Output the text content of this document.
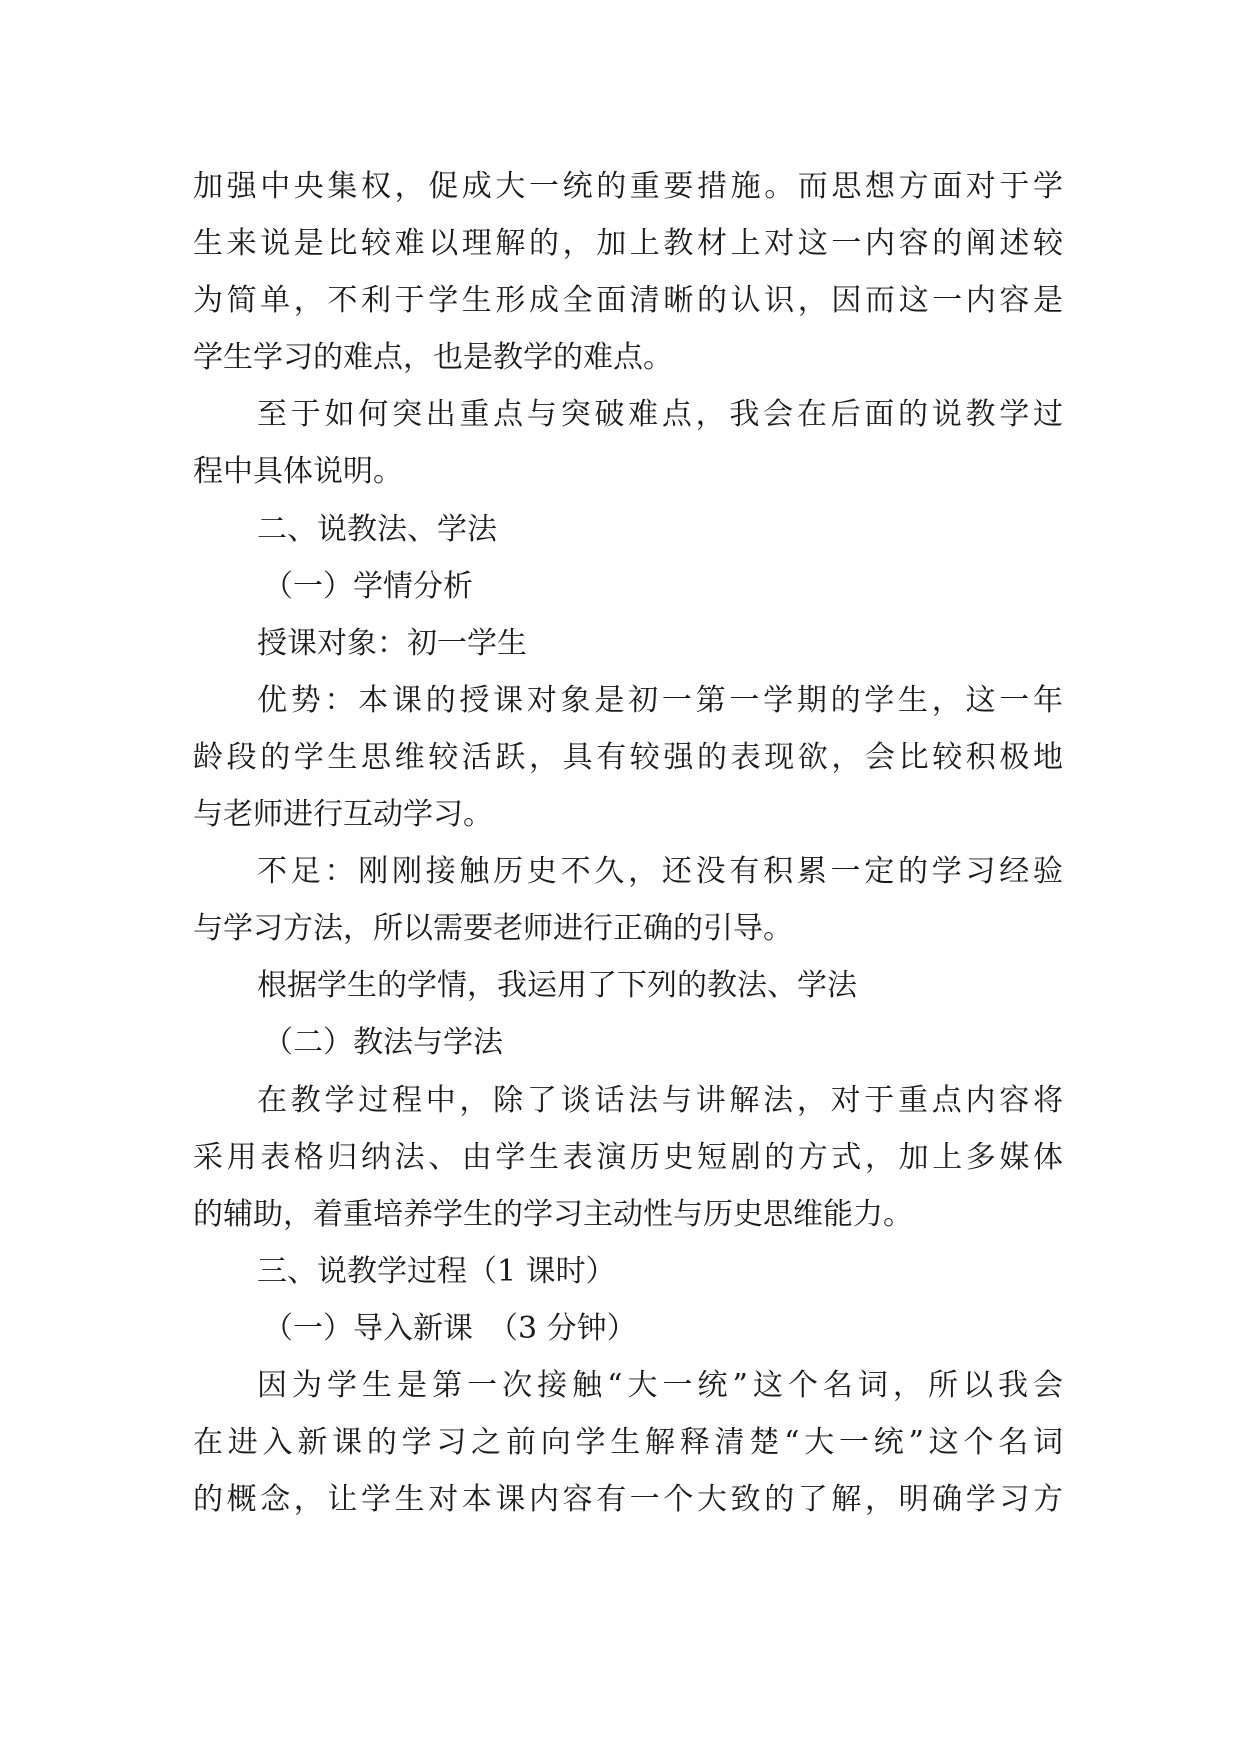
加强中央集权，促成大一统的重要措施。而思想方面对于学
生来说是比较难以理解的，加上教材上对这一内容的阐述较
为简单，不利于学生形成全面清晰的认识，因而这一内容是
学生学习的难点，也是教学的难点。
至于如何突出重点与突破难点，我会在后面的说教学过
程中具体说明。
二、说教法、学法
（一）学情分析
授课对象：初一学生
优势：本课的授课对象是初一第一学期的学生，这一年
龄段的学生思维较活跃，具有较强的表现欲，会比较积极地
与老师进行互动学习。
不足：刚刚接触历史不久，还没有积累一定的学习经验
与学习方法，所以需要老师进行正确的引导。
根据学生的学情，我运用了下列的教法、学法
（二）教法与学法
在教学过程中，除了谈话法与讲解法，对于重点内容将
采用表格归纳法、由学生表演历史短剧的方式，加上多媒体
的辅助，着重培养学生的学习主动性与历史思维能力。
三、说教学过程（1 课时）
（一）导入新课　（3 分钟）
因为学生是第一次接触“大一统”这个名词，所以我会
在进入新课的学习之前向学生解释清楚“大一统”这个名词
的概念，让学生对本课内容有一个大致的了解，明确学习方
